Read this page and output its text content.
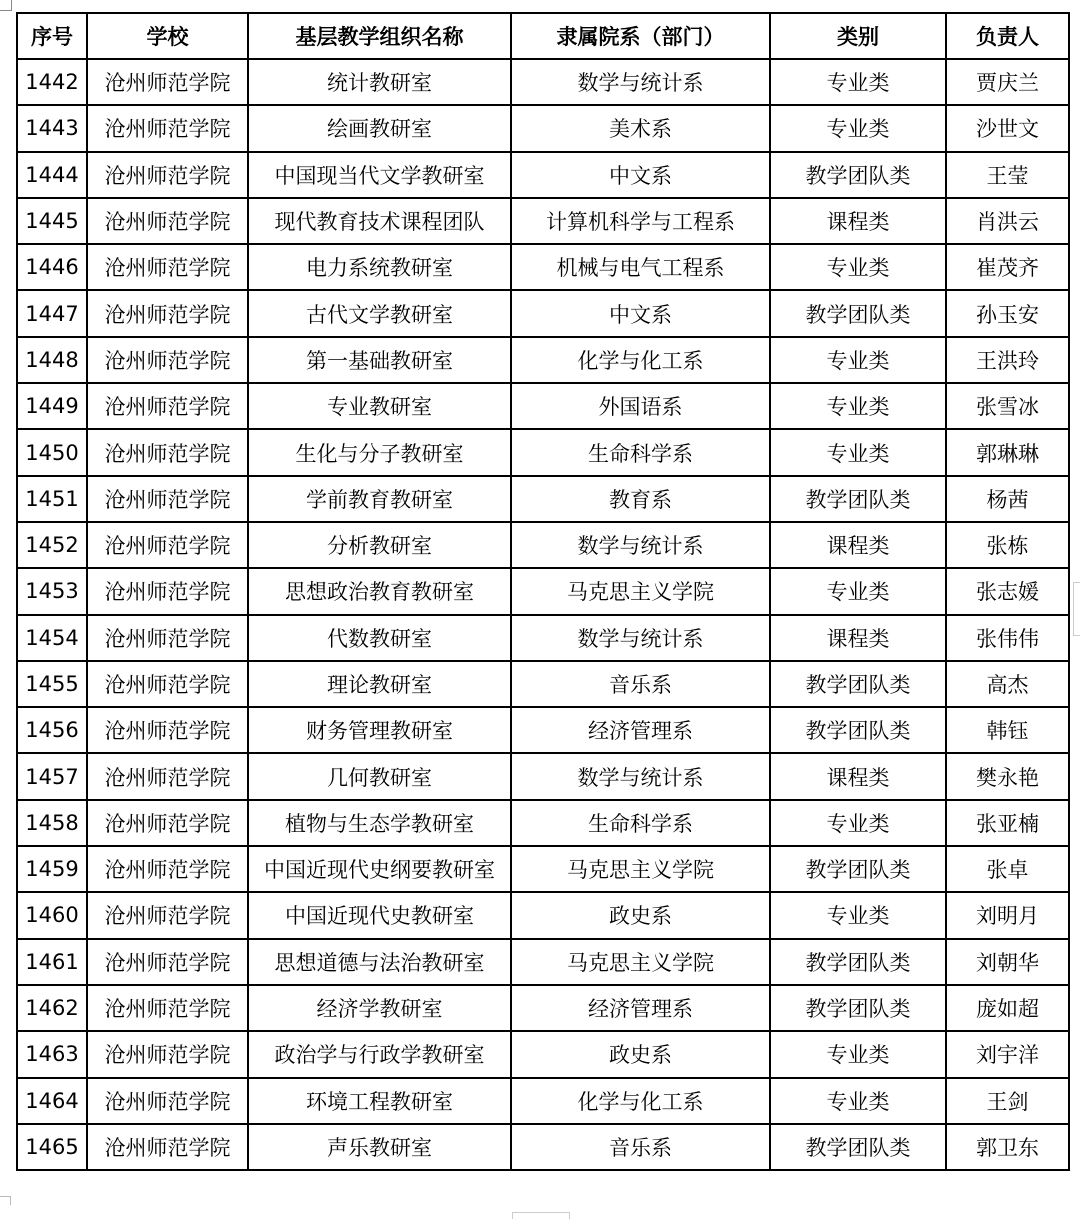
序号	学校	基层教学组织名称	隶属院系（部门）	类别	负责人
1442	沧州师范学院	统计教研室	数学与统计系	专业类	贾庆兰
1443	沧州师范学院	绘画教研室	美术系	专业类	沙世文
1444	沧州师范学院	中国现当代文学教研室	中文系	教学团队类	王莹
1445	沧州师范学院	现代教育技术课程团队	计算机科学与工程系	课程类	肖洪云
1446	沧州师范学院	电力系统教研室	机械与电气工程系	专业类	崔茂齐
1447	沧州师范学院	古代文学教研室	中文系	教学团队类	孙玉安
1448	沧州师范学院	第一基础教研室	化学与化工系	专业类	王洪玲
1449	沧州师范学院	专业教研室	外国语系	专业类	张雪冰
1450	沧州师范学院	生化与分子教研室	生命科学系	专业类	郭琳琳
1451	沧州师范学院	学前教育教研室	教育系	教学团队类	杨茜
1452	沧州师范学院	分析教研室	数学与统计系	课程类	张栋
1453	沧州师范学院	思想政治教育教研室	马克思主义学院	专业类	张志媛
1454	沧州师范学院	代数教研室	数学与统计系	课程类	张伟伟
1455	沧州师范学院	理论教研室	音乐系	教学团队类	高杰
1456	沧州师范学院	财务管理教研室	经济管理系	教学团队类	韩钰
1457	沧州师范学院	几何教研室	数学与统计系	课程类	樊永艳
1458	沧州师范学院	植物与生态学教研室	生命科学系	专业类	张亚楠
1459	沧州师范学院	中国近现代史纲要教研室	马克思主义学院	教学团队类	张卓
1460	沧州师范学院	中国近现代史教研室	政史系	专业类	刘明月
1461	沧州师范学院	思想道德与法治教研室	马克思主义学院	教学团队类	刘朝华
1462	沧州师范学院	经济学教研室	经济管理系	教学团队类	庞如超
1463	沧州师范学院	政治学与行政学教研室	政史系	专业类	刘宇洋
1464	沧州师范学院	环境工程教研室	化学与化工系	专业类	王剑
1465	沧州师范学院	声乐教研室	音乐系	教学团队类	郭卫东
